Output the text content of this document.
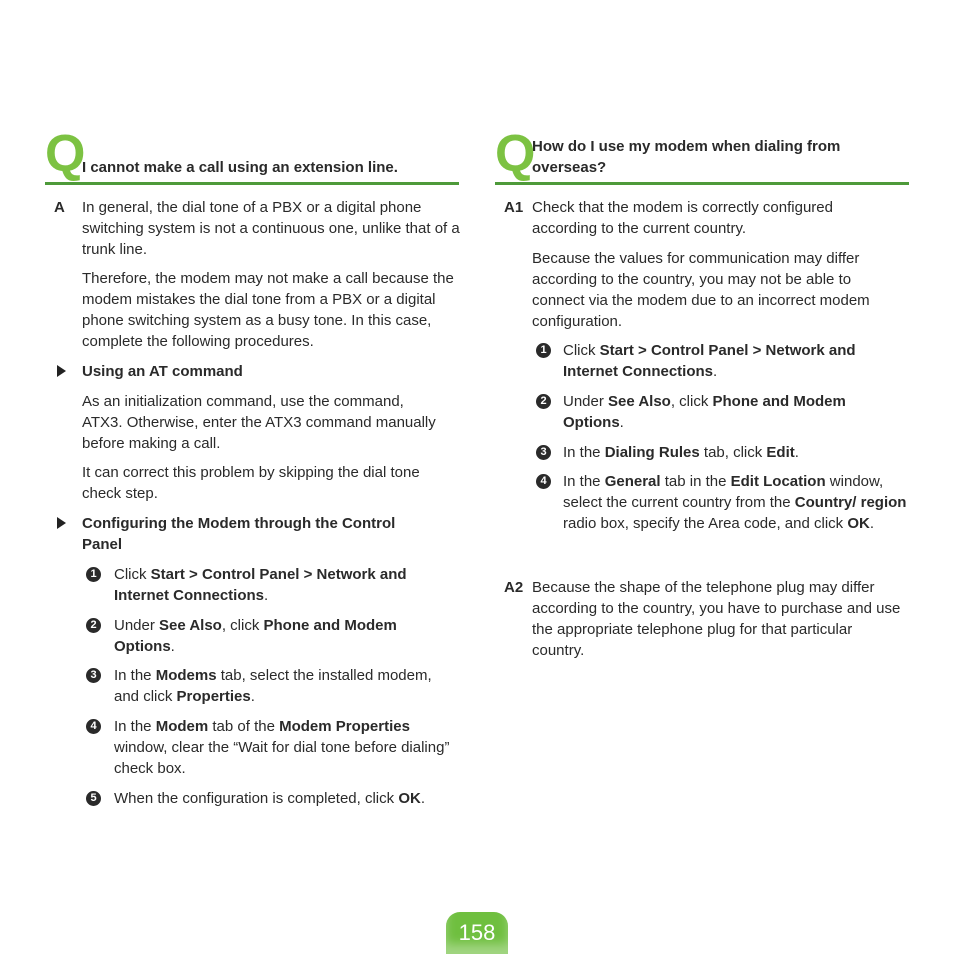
Q
I cannot make a call using an extension line.
A In general, the dial tone of a PBX or a digital phone switching system is not a continuous one, unlike that of a trunk line.
Therefore, the modem may not make a call because the modem mistakes the dial tone from a PBX or a digital phone switching system as a busy tone. In this case, complete the following procedures.
Using an AT command
As an initialization command, use the command, ATX3. Otherwise, enter the ATX3 command manually before making a call.
It can correct this problem by skipping the dial tone check step.
Configuring the Modem through the Control Panel
1 Click Start > Control Panel > Network and Internet Connections.
2 Under See Also, click Phone and Modem Options.
3 In the Modems tab, select the installed modem, and click Properties.
4 In the Modem tab of the Modem Properties window, clear the “Wait for dial tone before dialing” check box.
5 When the configuration is completed, click OK.
Q
How do I use my modem when dialing from overseas?
A1 Check that the modem is correctly configured according to the current country.
Because the values for communication may differ according to the country, you may not be able to connect via the modem due to an incorrect modem configuration.
1 Click Start > Control Panel > Network and Internet Connections.
2 Under See Also, click Phone and Modem Options.
3 In the Dialing Rules tab, click Edit.
4 In the General tab in the Edit Location window, select the current country from the Country/ region radio box, specify the Area code, and click OK.
A2 Because the shape of the telephone plug may differ according to the country, you have to purchase and use the appropriate telephone plug for that particular country.
158
